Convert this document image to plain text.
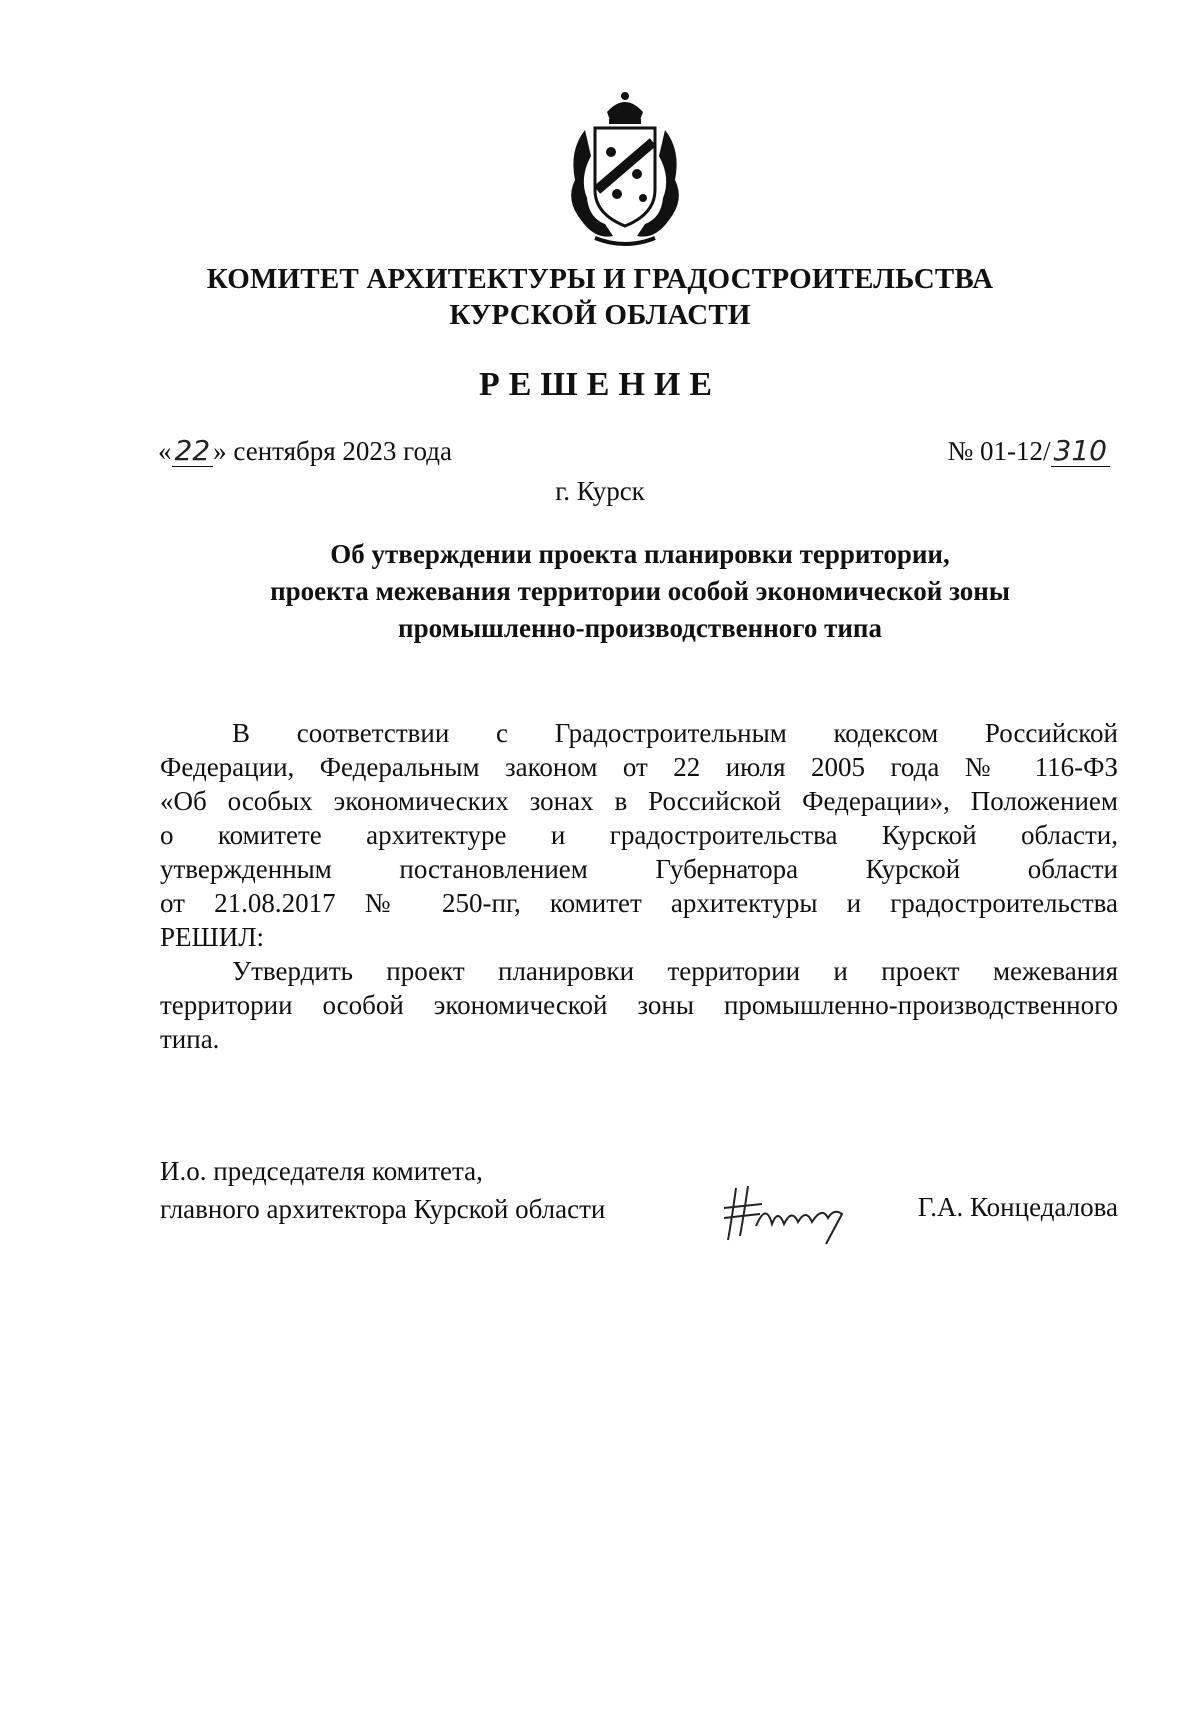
КОМИТЕТ АРХИТЕКТУРЫ И ГРАДОСТРОИТЕЛЬСТВА
КУРСКОЙ ОБЛАСТИ
РЕШЕНИЕ
« 22 » сентября 2023 года	№ 01-12/ 310
г. Курск
Об утверждении проекта планировки территории,
проекта межевания территории особой экономической зоны
промышленно-производственного типа
В соответствии с Градостроительным кодексом Российской
Федерации, Федеральным законом от 22 июля 2005 года № 116-ФЗ
«Об особых экономических зонах в Российской Федерации», Положением
о комитете архитектуре и градостроительства Курской области,
утвержденным постановлением Губернатора Курской области
от 21.08.2017 № 250-пг, комитет архитектуры и градостроительства
РЕШИЛ:
Утвердить проект планировки территории и проект межевания
территории особой экономической зоны промышленно-производственного
типа.
И.о. председателя комитета,
главного архитектора Курской области	Г.А. Концедалова
